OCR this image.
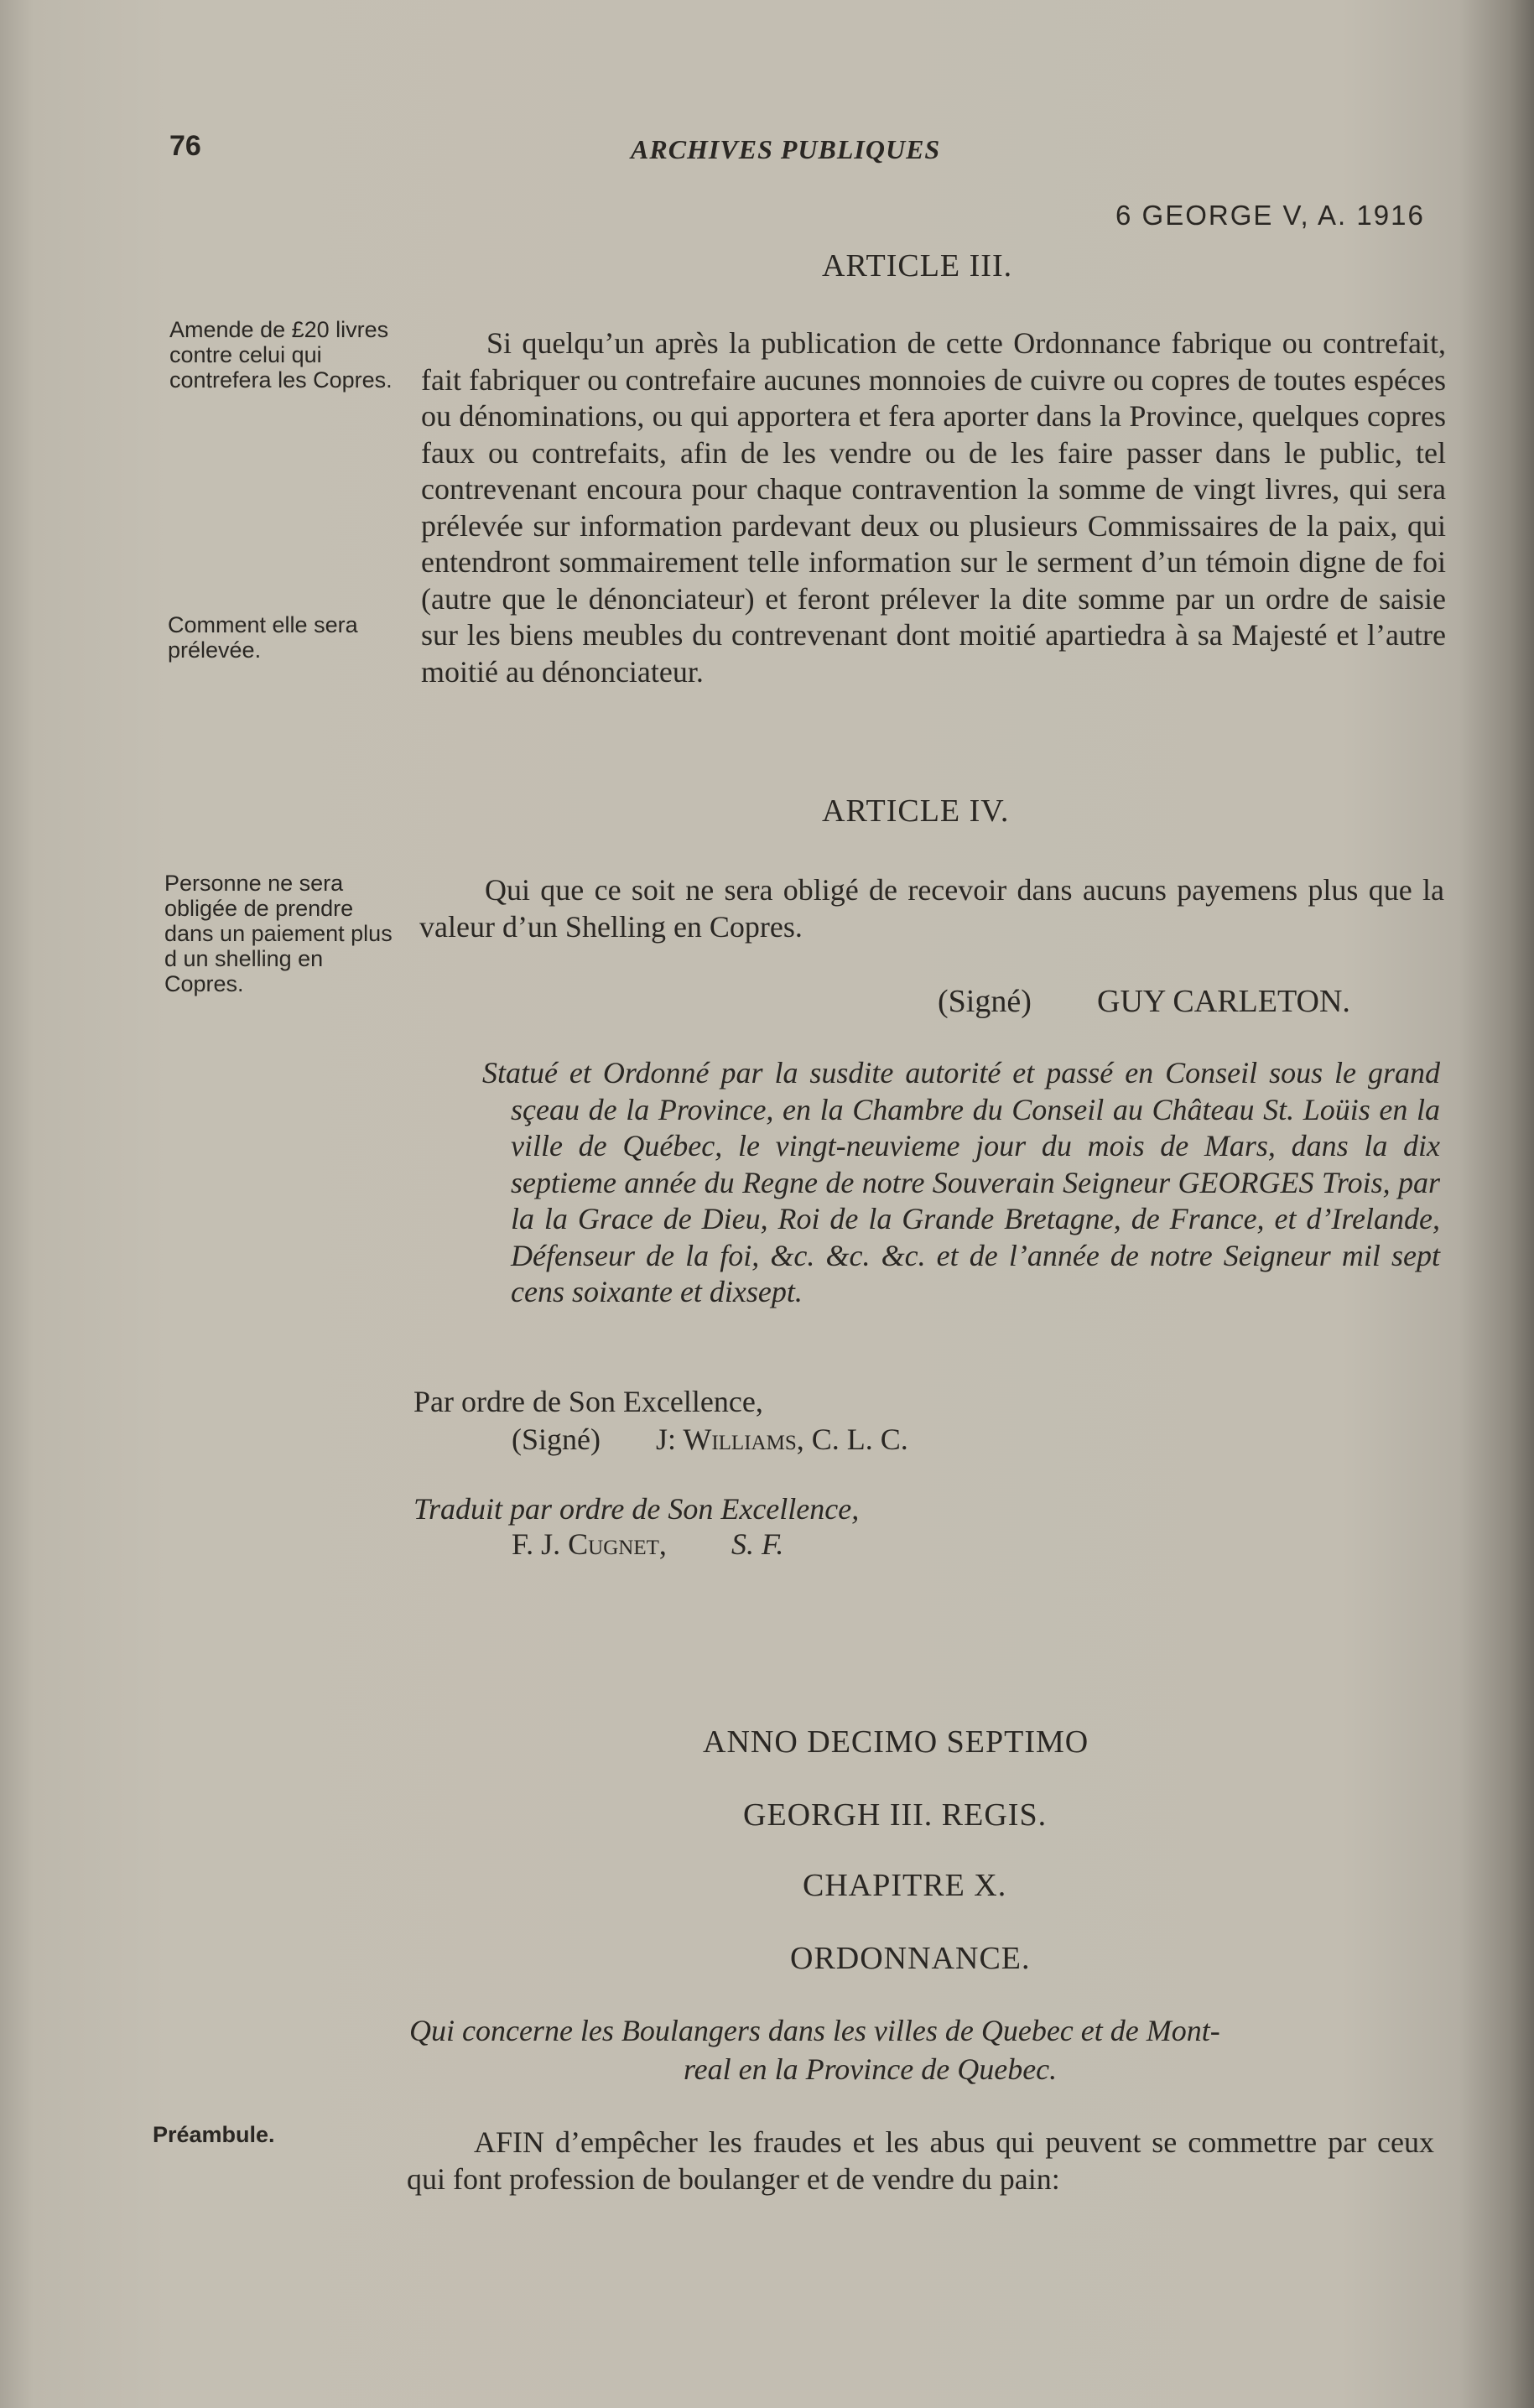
76	ARCHIVES PUBLIQUES
6 GEORGE V, A. 1916
ARTICLE III.
Amende de £20 livres contre celui qui contrefera les Copres.
Comment elle sera prélevée.

Si quelqu’un après la publication de cette Ordonnance fabrique ou contrefait, fait fabriquer ou contrefaire aucunes monnoies de cuivre ou copres de toutes espéces ou dénominations, ou qui apportera et fera aporter dans la Province, quelques copres faux ou contrefaits, afin de les vendre ou de les faire passer dans le public, tel contrevenant encoura pour chaque contravention la somme de vingt livres, qui sera prélevée sur information pardevant deux ou plusieurs Commissaires de la paix, qui entendront sommairement telle information sur le serment d’un témoin digne de foi (autre que le dénonciateur) et feront prélever la dite somme par un ordre de saisie sur les biens meubles du contrevenant dont moitié apartiedra à sa Majesté et l’autre moitié au dénonciateur.

ARTICLE IV.
Personne ne sera obligée de prendre dans un paiement plus d un shelling en Copres.

Qui que ce soit ne sera obligé de recevoir dans aucuns payemens plus que la valeur d’un Shelling en Copres.

(Signé) GUY CARLETON.

Statué et Ordonné par la susdite autorité et passé en Conseil sous le grand sçeau de la Province, en la Chambre du Conseil au Château St. Loüis en la ville de Québec, le vingt-neuvieme jour du mois de Mars, dans la dix septieme année du Regne de notre Souverain Seigneur GEORGES Trois, par la la Grace de Dieu, Roi de la Grande Bretagne, de France, et d’Irelande, Défenseur de la foi, &c. &c. &c. et de l’année de notre Seigneur mil sept cens soixante et dixsept.

Par ordre de Son Excellence,
(Signé) J: Williams, C. L. C.
Traduit par ordre de Son Excellence,
F. J. Cugnet, S. F.
ANNO DECIMO SEPTIMO
GEORGH III. REGIS.
CHAPITRE X.
ORDONNANCE.
Qui concerne les Boulangers dans les villes de Quebec et de Mont-
real en la Province de Quebec.
Préambule.	AFIN d’empêcher les fraudes et les abus qui peuvent se commettre par ceux qui font profession de boulanger et de vendre du pain:
